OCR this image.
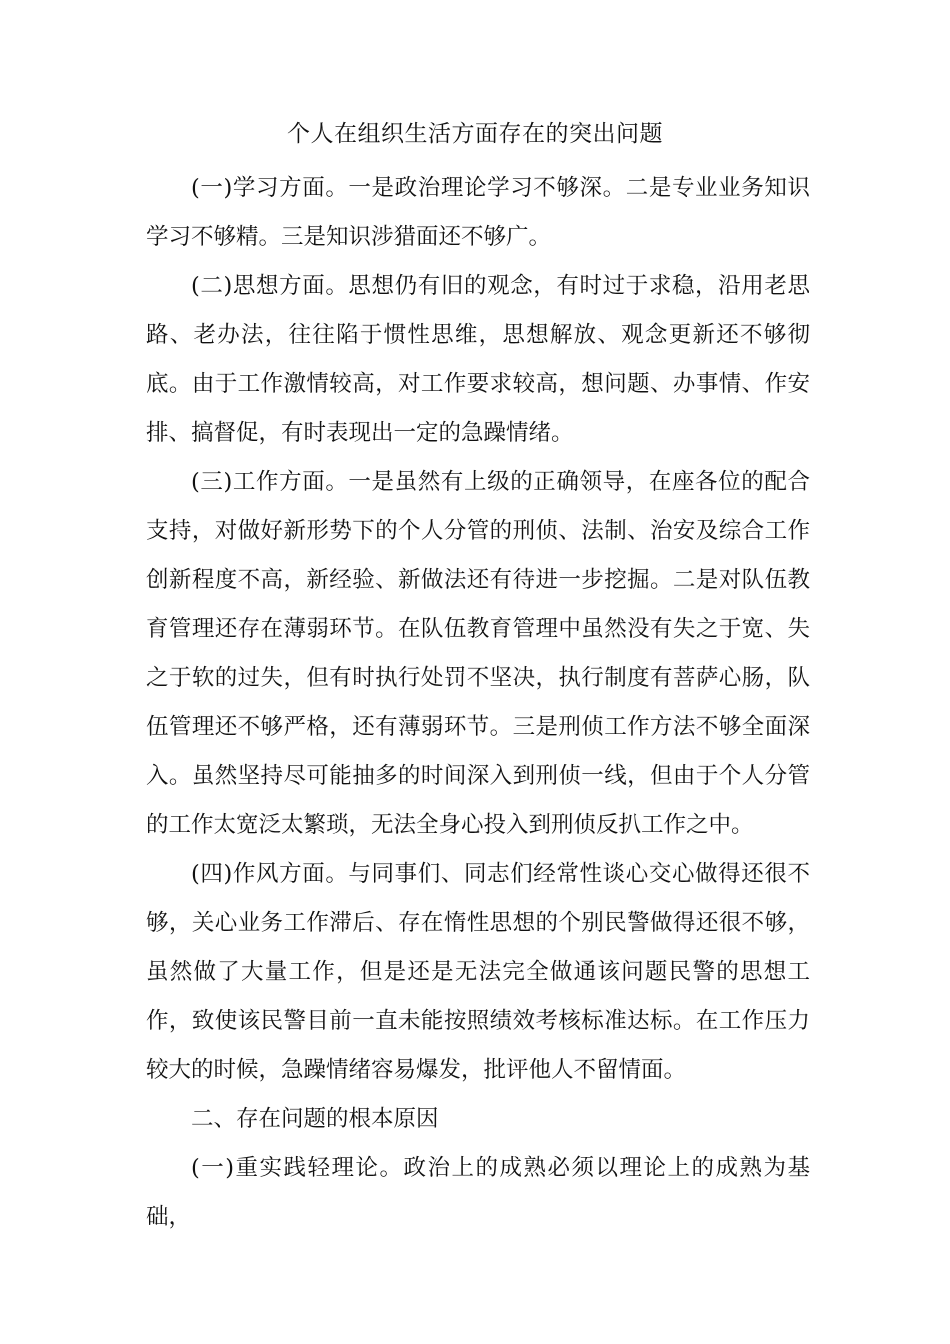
个人在组织生活方面存在的突出问题

(一)学习方面。一是政治理论学习不够深。二是专业业务知识学习不够精。三是知识涉猎面还不够广。

(二)思想方面。思想仍有旧的观念，有时过于求稳，沿用老思路、老办法，往往陷于惯性思维，思想解放、观念更新还不够彻底。由于工作激情较高，对工作要求较高，想问题、办事情、作安排、搞督促，有时表现出一定的急躁情绪。

(三)工作方面。一是虽然有上级的正确领导，在座各位的配合支持，对做好新形势下的个人分管的刑侦、法制、治安及综合工作创新程度不高，新经验、新做法还有待进一步挖掘。二是对队伍教育管理还存在薄弱环节。在队伍教育管理中虽然没有失之于宽、失之于软的过失，但有时执行处罚不坚决，执行制度有菩萨心肠，队伍管理还不够严格，还有薄弱环节。三是刑侦工作方法不够全面深入。虽然坚持尽可能抽多的时间深入到刑侦一线，但由于个人分管的工作太宽泛太繁琐，无法全身心投入到刑侦反扒工作之中。

(四)作风方面。与同事们、同志们经常性谈心交心做得还很不够，关心业务工作滞后、存在惰性思想的个别民警做得还很不够，虽然做了大量工作，但是还是无法完全做通该问题民警的思想工作，致使该民警目前一直未能按照绩效考核标准达标。在工作压力较大的时候，急躁情绪容易爆发，批评他人不留情面。

二、存在问题的根本原因

(一)重实践轻理论。政治上的成熟必须以理论上的成熟为基础，
